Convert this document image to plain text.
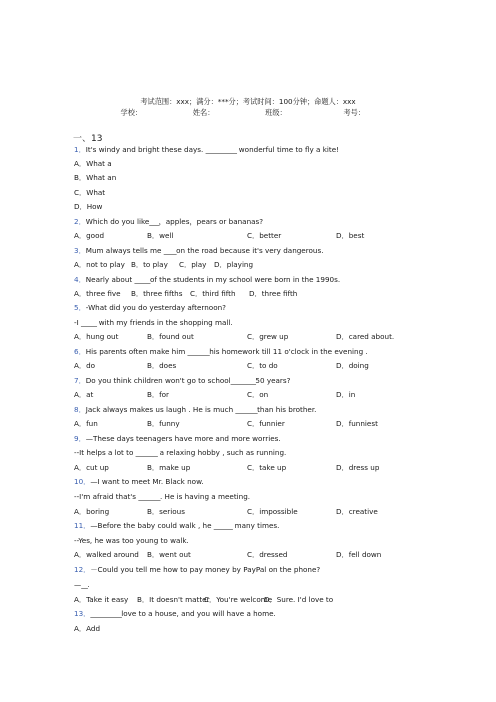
考试范围：xxx；满分：***分；考试时间：100分钟；命题人：xxx
学校：	姓名：	班级：	考号：
一、13
1．It's windy and bright these days. __________ wonderful time to fly a kite!
A．What a
B．What an
C．What
D．How
2．Which do you like___，apples，pears or bananas?
A．good	B．well	C．better	D．best
3．Mum always tells me ____on the road because it's very dangerous.
A．not to play B．to play C．play D．playing
4．Nearly about _____of the students in my school were born in the 1990s.
A．three five B．three fifths C．third fifth D．three fifth
5．-What did you do yesterday afternoon?
-I _____ with my friends in the shopping mall.
A．hung out	B．found out	C．grew up	D．cared about.
6．His parents often make him _______his homework till 11 o'clock in the evening .
A．do	B．does	C．to do	D．doing
7．Do you think children won't go to school________50 years?
A．at	B．for	C．on	D．in
8．Jack always makes us laugh . He is much _______than his brother.
A．fun	B．funny	C．funnier	D．funniest
9．—These days teenagers have more and more worries.
--It helps a lot to _______ a relaxing hobby , such as running.
A．cut up	B．make up	C．take up	D．dress up
10．—I want to meet Mr. Black now.
--I'm afraid that's _______. He is having a meeting.
A．boring	B．serious	C．impossible	D．creative
11．—Before the baby could walk , he ______ many times.
--Yes, he was too young to walk.
A．walked around B．went out	C．dressed	D．fell down
12．－Could you tell me how to pay money by PayPal on the phone?
—__.
A．Take it easy B．It doesn't matter
C．You're welcome
D．Sure. I'd love to
13．__________love to a house, and you will have a home.
A．Add
